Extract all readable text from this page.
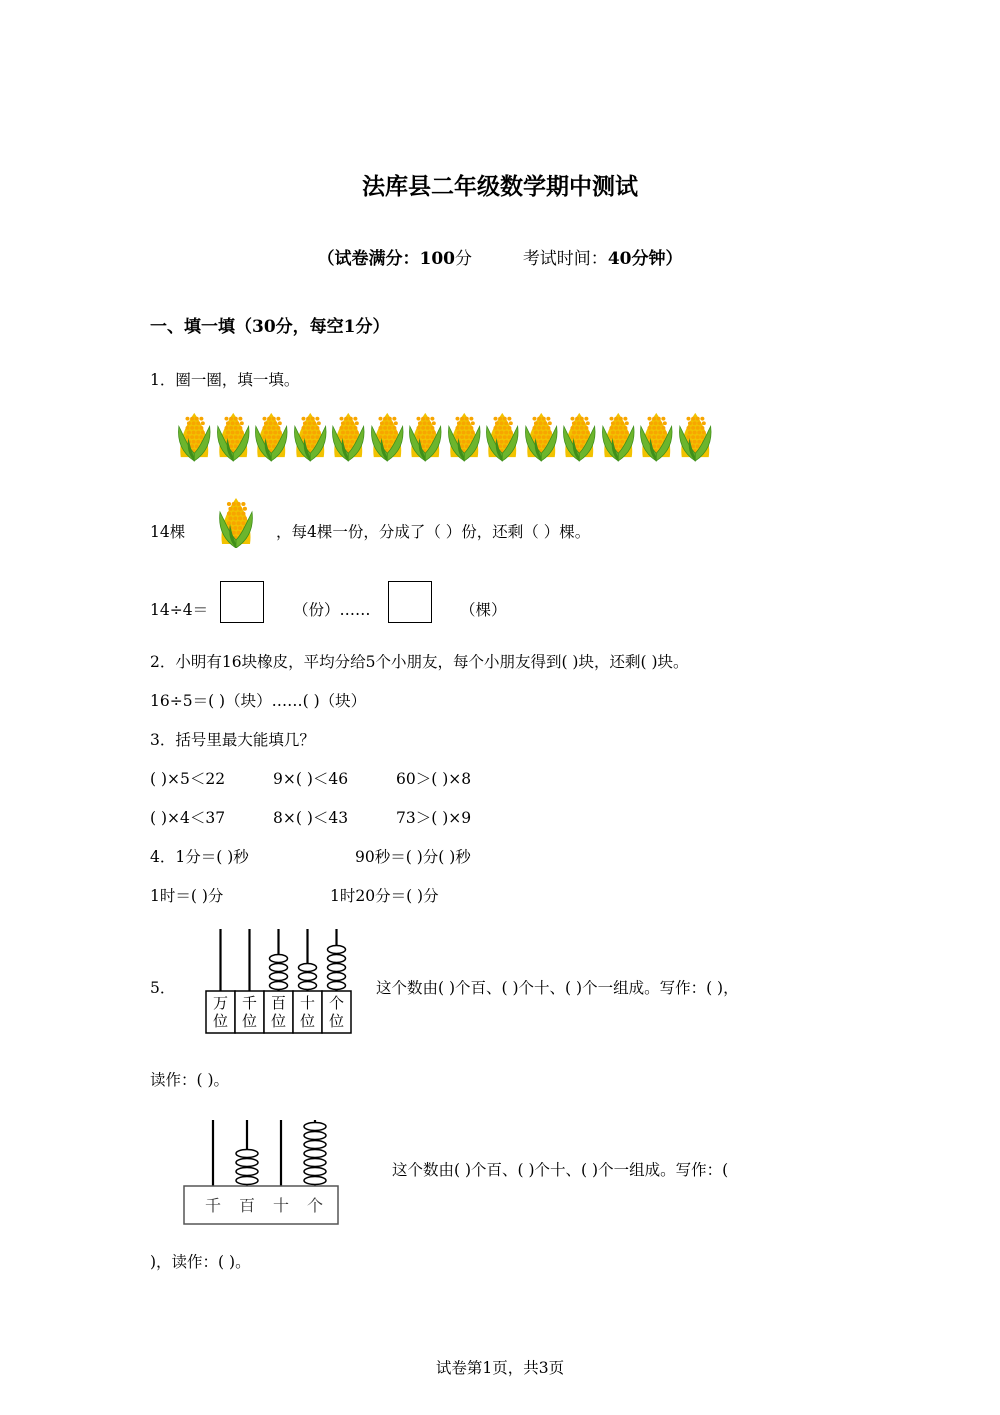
法库县二年级数学期中测试
（试卷满分：100分	考试时间：40分钟）
一、填一填（30分，每空1分）
1．圈一圈，填一填。
14棵	，每4棵一份，分成了（ ）份，还剩（ ）棵。
14÷4＝	（份）……	（棵）
2．小明有16块橡皮，平均分给5个小朋友，每个小朋友得到( )块，还剩( )块。
16÷5＝( )（块）……( )（块）
3．括号里最大能填几？
( )×5＜22	9×( )＜46	60＞( )×8
( )×4＜37	8×( )＜43	73＞( )×9
4．1分＝( )秒	90秒＝( )分( )秒
1时＝( )分	1时20分＝( )分
5．
万
位
千
位
百
位
十
位
个
位
这个数由( )个百、( )个十、( )个一组成。写作：( )，
读作：( )。
千 百 十 个
这个数由( )个百、( )个十、( )个一组成。写作：(
)，读作：( )。
试卷第1页，共3页
